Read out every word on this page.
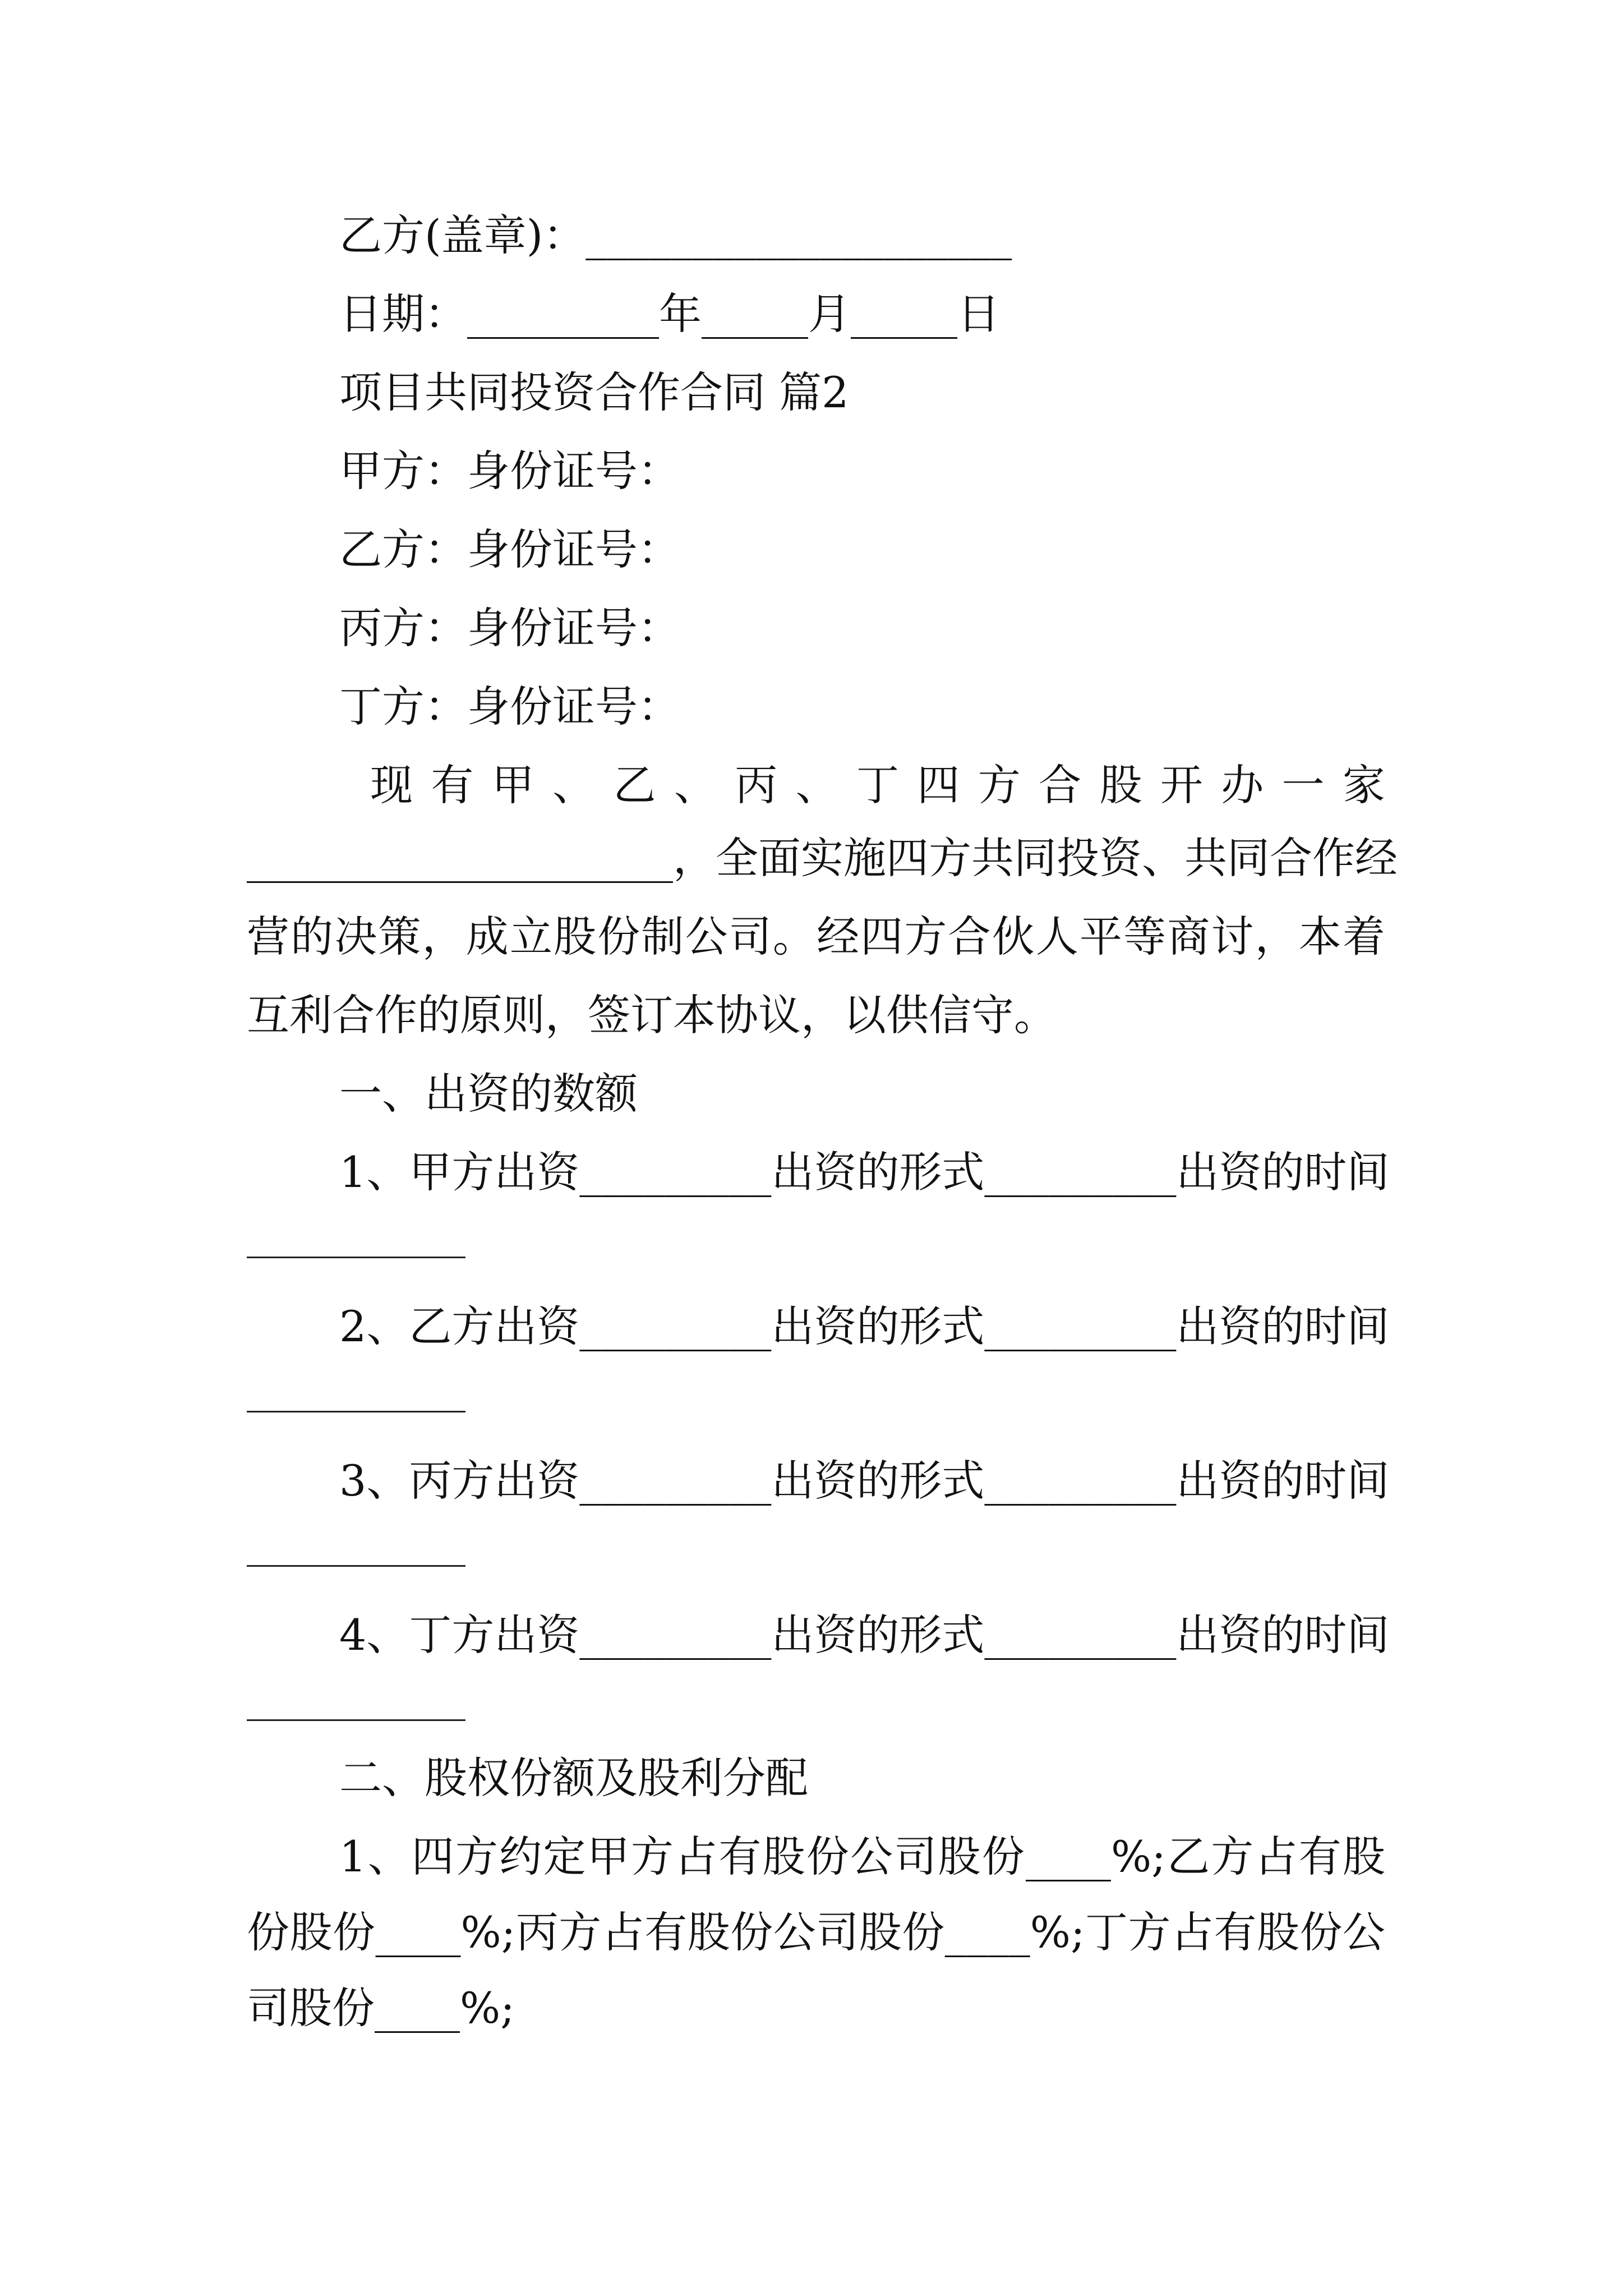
乙方(盖章)：____________________
日期：_________年_____月_____日
项目共同投资合作合同 篇2
甲方：身份证号：
乙方：身份证号：
丙方：身份证号：
丁方：身份证号：
现有甲、乙、丙、丁四方合股开办一家
____________________，全面实施四方共同投资、共同合作经
营的决策，成立股份制公司。经四方合伙人平等商讨，本着
互利合作的原则，签订本协议，以供信守。
一、出资的数额
1、甲方出资_________出资的形式_________出资的时间
2、乙方出资_________出资的形式_________出资的时间
3、丙方出资_________出资的形式_________出资的时间
4、丁方出资_________出资的形式_________出资的时间
二、股权份额及股利分配
1、四方约定甲方占有股份公司股份____%;乙方占有股
份股份____%;丙方占有股份公司股份____%;丁方占有股份公
司股份____%;
